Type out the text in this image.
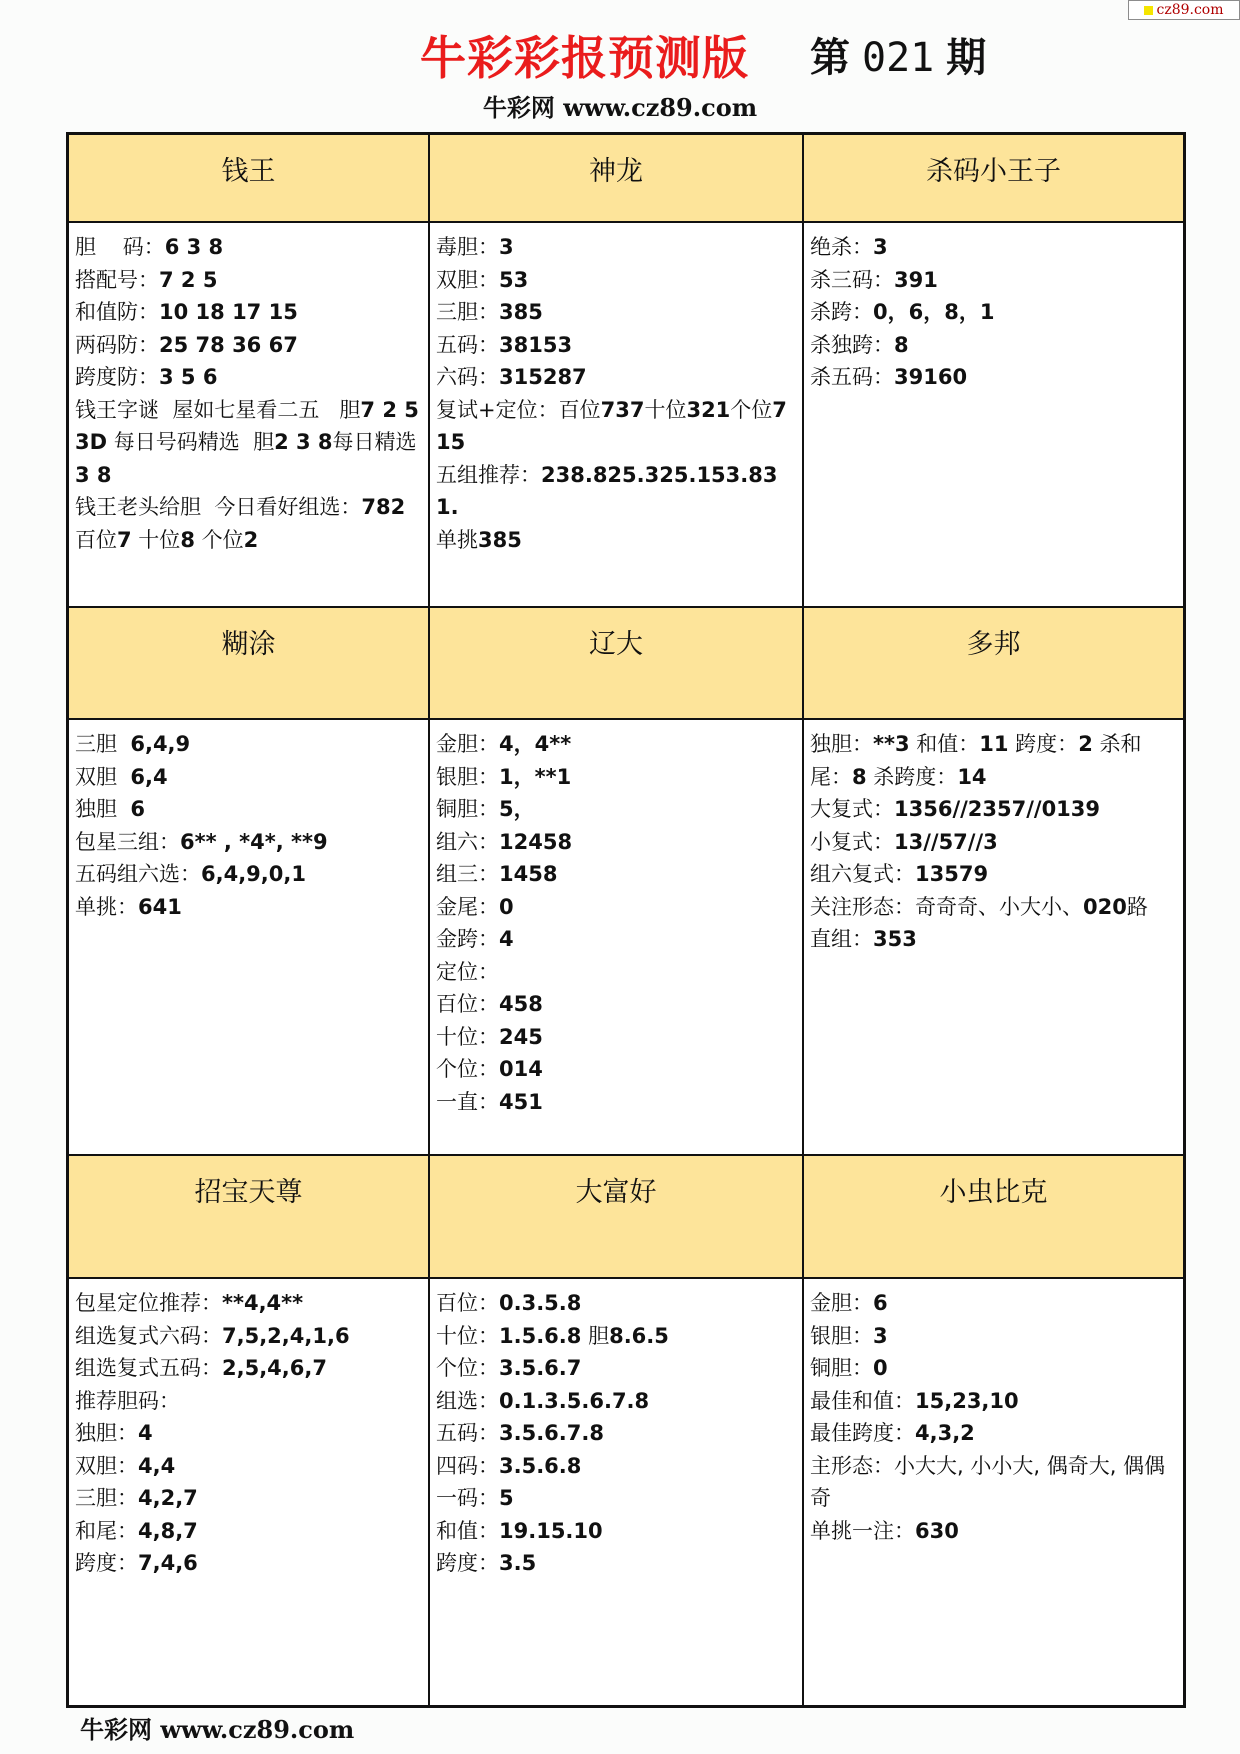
cz89.com
牛彩彩报预测版 第 021 期
牛彩网 www.cz89.com
钱王
胆    码：6 3 8
搭配号：7 2 5
和值防：10 18 17 15
两码防：25 78 36 67
跨度防：3 5 6
钱王字谜  屋如七星看二五   胆7 2 5
3D 每日号码精选  胆2 3 8每日精选3 8
钱王老头给胆  今日看好组选：782百位7 十位8 个位2
神龙
毒胆：3
双胆：53
三胆：385
五码：38153
六码：315287
复试+定位：百位737十位321个位715
五组推荐：238.825.325.153.831.
单挑385
杀码小王子
绝杀：3
杀三码：391
杀跨：0，6，8，1
杀独跨：8
杀五码：39160
糊涂
三胆  6,4,9
双胆  6,4
独胆  6
包星三组：6** , *4*, **9
五码组六选：6,4,9,0,1
单挑：641
辽大
金胆：4，4**
银胆：1，**1
铜胆：5，
组六：12458
组三：1458
金尾：0
金跨：4
定位：
百位：458
十位：245
个位：014
一直：451
多邦
独胆：**3 和值：11 跨度：2 杀和尾：8 杀跨度：14
大复式：1356//2357//0139
小复式：13//57//3
组六复式：13579
关注形态：奇奇奇、小大小、020路
直组：353
招宝天尊
包星定位推荐：**4,4**
组选复式六码：7,5,2,4,1,6
组选复式五码：2,5,4,6,7
推荐胆码：
独胆：4
双胆：4,4
三胆：4,2,7
和尾：4,8,7
跨度：7,4,6
大富好
百位：0.3.5.8
十位：1.5.6.8 胆8.6.5
个位：3.5.6.7
组选：0.1.3.5.6.7.8
五码：3.5.6.7.8
四码：3.5.6.8
一码：5
和值：19.15.10
跨度：3.5
小虫比克
金胆：6
银胆：3
铜胆：0
最佳和值：15,23,10
最佳跨度：4,3,2
主形态：小大大, 小小大, 偶奇大, 偶偶奇
单挑一注：630
牛彩网 www.cz89.com
